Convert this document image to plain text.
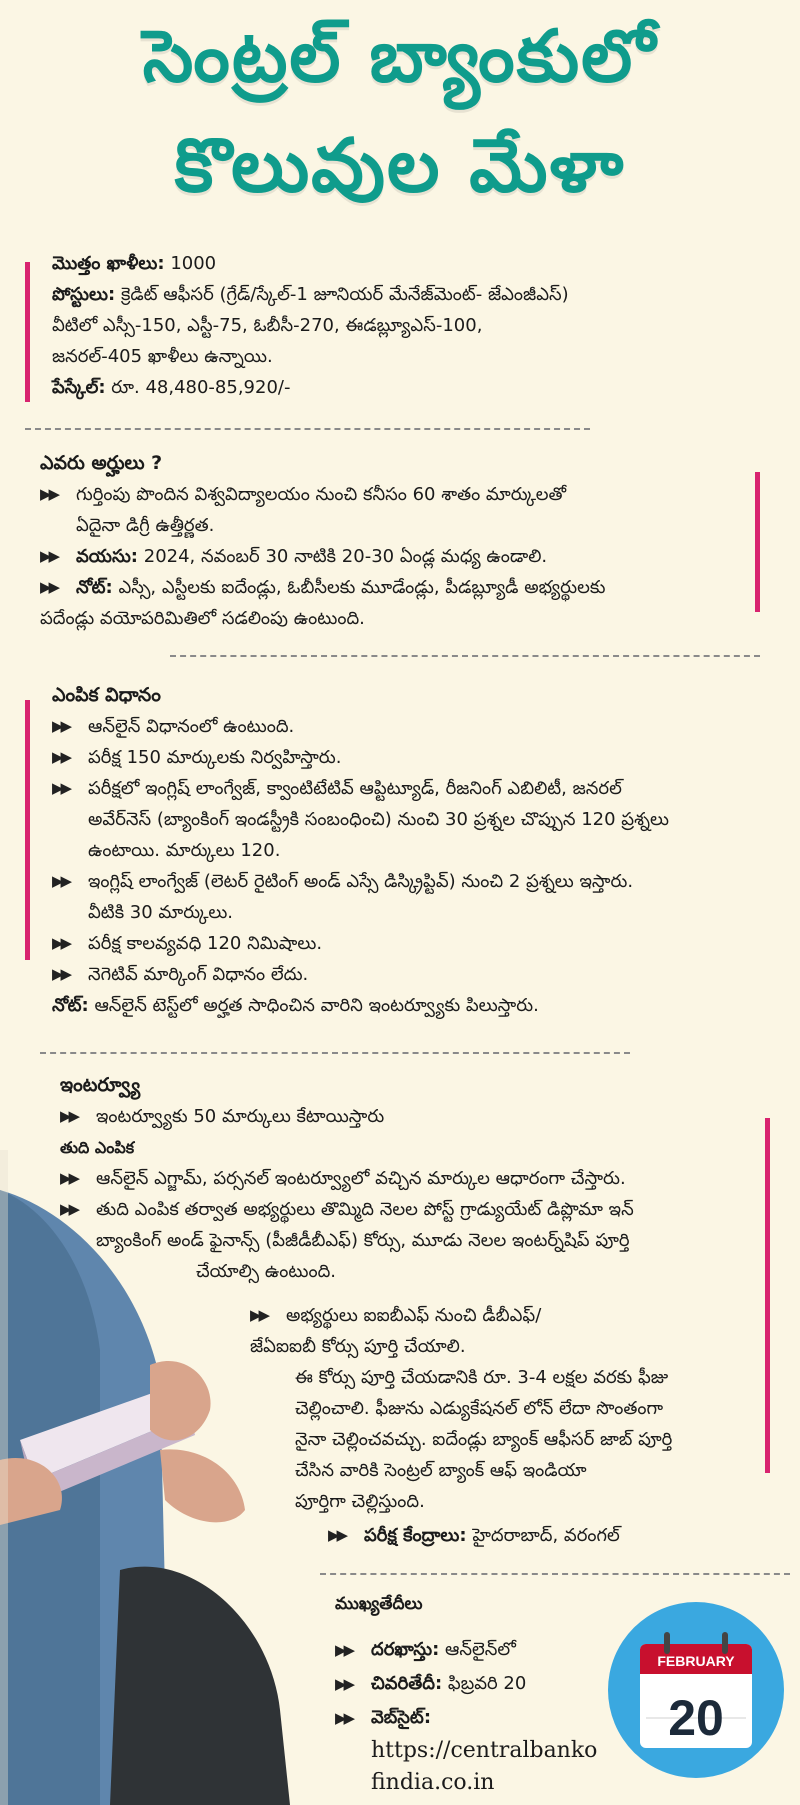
సెంట్రల్ బ్యాంకులో
కొలువుల మేళా
మొత్తం ఖాళీలు: 1000
పోస్టులు: క్రెడిట్ ఆఫీసర్ (గ్రేడ్/స్కేల్-1 జూనియర్ మేనేజ్‌మెంట్- జేఎంజీఎస్)
వీటిలో ఎస్సీ-150, ఎస్టీ-75, ఓబీసీ-270, ఈడబ్ల్యూఎస్-100,
జనరల్-405 ఖాళీలు ఉన్నాయి.
పేస్కేల్: రూ. 48,480-85,920/-
ఎవరు అర్హులు ?
▶▶ గుర్తింపు పొందిన విశ్వవిద్యాలయం నుంచి కనీసం 60 శాతం మార్కులతో
ఏదైనా డిగ్రీ ఉత్తీర్ణత.
▶▶ వయసు: 2024, నవంబర్ 30 నాటికి 20-30 ఏండ్ల మధ్య ఉండాలి.
▶▶ నోట్: ఎస్సీ, ఎస్టీలకు ఐదేండ్లు, ఓబీసీలకు మూడేండ్లు, పీడబ్ల్యూడీ అభ్యర్థులకు
పదేండ్లు వయోపరిమితిలో సడలింపు ఉంటుంది.
ఎంపిక విధానం
▶▶ ఆన్‌లైన్ విధానంలో ఉంటుంది.
▶▶ పరీక్ష 150 మార్కులకు నిర్వహిస్తారు.
▶▶ పరీక్షలో ఇంగ్లిష్ లాంగ్వేజ్, క్వాంటిటేటివ్ ఆప్టిట్యూడ్, రీజనింగ్ ఎబిలిటీ, జనరల్
అవేర్‌నెస్ (బ్యాంకింగ్ ఇండస్ట్రీకి సంబంధించి) నుంచి 30 ప్రశ్నల చొప్పున 120 ప్రశ్నలు
ఉంటాయి. మార్కులు 120.
▶▶ ఇంగ్లిష్ లాంగ్వేజ్ (లెటర్ రైటింగ్ అండ్ ఎస్సే డిస్క్రిప్టివ్) నుంచి 2 ప్రశ్నలు ఇస్తారు.
వీటికి 30 మార్కులు.
▶▶ పరీక్ష కాలవ్యవధి 120 నిమిషాలు.
▶▶ నెగెటివ్ మార్కింగ్ విధానం లేదు.
నోట్: ఆన్‌లైన్ టెస్ట్‌లో అర్హత సాధించిన వారిని ఇంటర్వ్యూకు పిలుస్తారు.
ఇంటర్వ్యూ
▶▶ ఇంటర్వ్యూకు 50 మార్కులు కేటాయిస్తారు
తుది ఎంపిక
▶▶ ఆన్‌లైన్ ఎగ్జామ్, పర్సనల్ ఇంటర్వ్యూలో వచ్చిన మార్కుల ఆధారంగా చేస్తారు.
▶▶ తుది ఎంపిక తర్వాత అభ్యర్థులు తొమ్మిది నెలల పోస్ట్ గ్రాడ్యుయేట్ డిప్లొమా ఇన్
బ్యాంకింగ్ అండ్ ఫైనాన్స్ (పీజీడీబీఎఫ్) కోర్సు, మూడు నెలల ఇంటర్న్‌షిప్ పూర్తి
చేయాల్సి ఉంటుంది.
▶▶ అభ్యర్థులు ఐఐబీఎఫ్ నుంచి డీబీఎఫ్/
జేఏఐఐబీ కోర్సు పూర్తి చేయాలి.
ఈ కోర్సు పూర్తి చేయడానికి రూ. 3-4 లక్షల వరకు ఫీజు
చెల్లించాలి. ఫీజును ఎడ్యుకేషనల్ లోన్ లేదా సొంతంగా
నైనా చెల్లించవచ్చు. ఐదేండ్లు బ్యాంక్ ఆఫీసర్ జాబ్ పూర్తి
చేసిన వారికి సెంట్రల్ బ్యాంక్ ఆఫ్ ఇండియా
పూర్తిగా చెల్లిస్తుంది.
▶▶ పరీక్ష కేంద్రాలు: హైదరాబాద్, వరంగల్
ముఖ్యతేదీలు
▶▶ దరఖాస్తు: ఆన్‌లైన్‌లో
▶▶ చివరితేదీ: ఫిబ్రవరి 20
▶▶ వెబ్‌సైట్:
https://centralbanko
findia.co.in
FEBRUARY
20
